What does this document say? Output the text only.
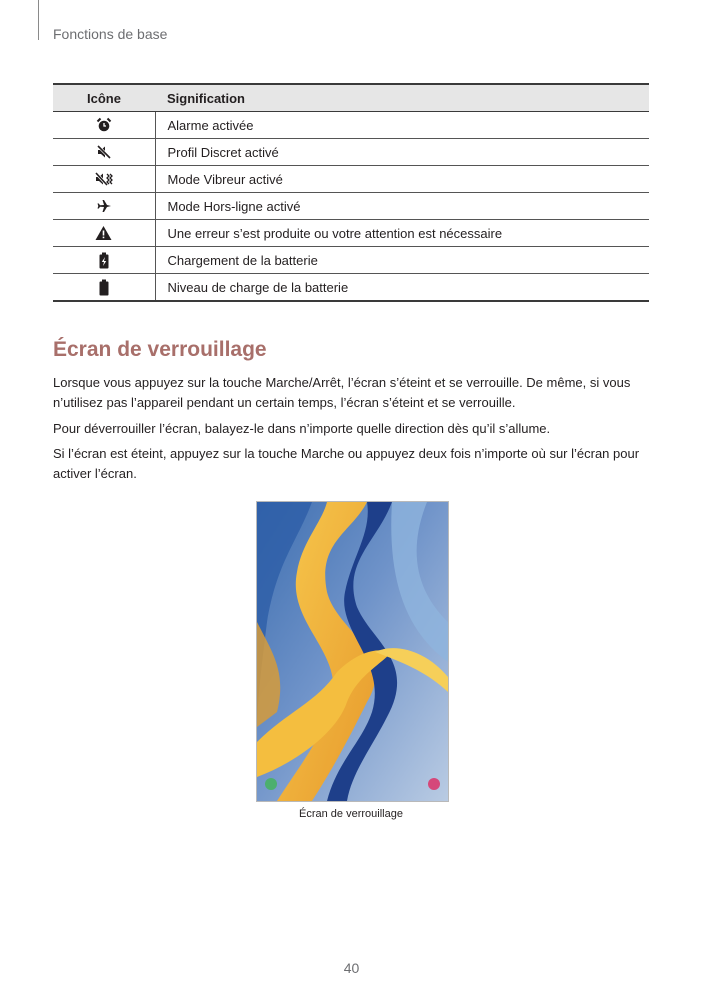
Fonctions de base
Icône	Signification
	Alarme activée
	Profil Discret activé
	Mode Vibreur activé
	Mode Hors-ligne activé
	Une erreur s’est produite ou votre attention est nécessaire
	Chargement de la batterie
	Niveau de charge de la batterie
Écran de verrouillage

Lorsque vous appuyez sur la touche Marche/Arrêt, l’écran s’éteint et se verrouille. De même, si vous n’utilisez pas l’appareil pendant un certain temps, l’écran s’éteint et se verrouille.

Pour déverrouiller l’écran, balayez-le dans n’importe quelle direction dès qu’il s’allume.

Si l’écran est éteint, appuyez sur la touche Marche ou appuyez deux fois n’importe où sur l’écran pour activer l’écran.

Écran de verrouillage
40
